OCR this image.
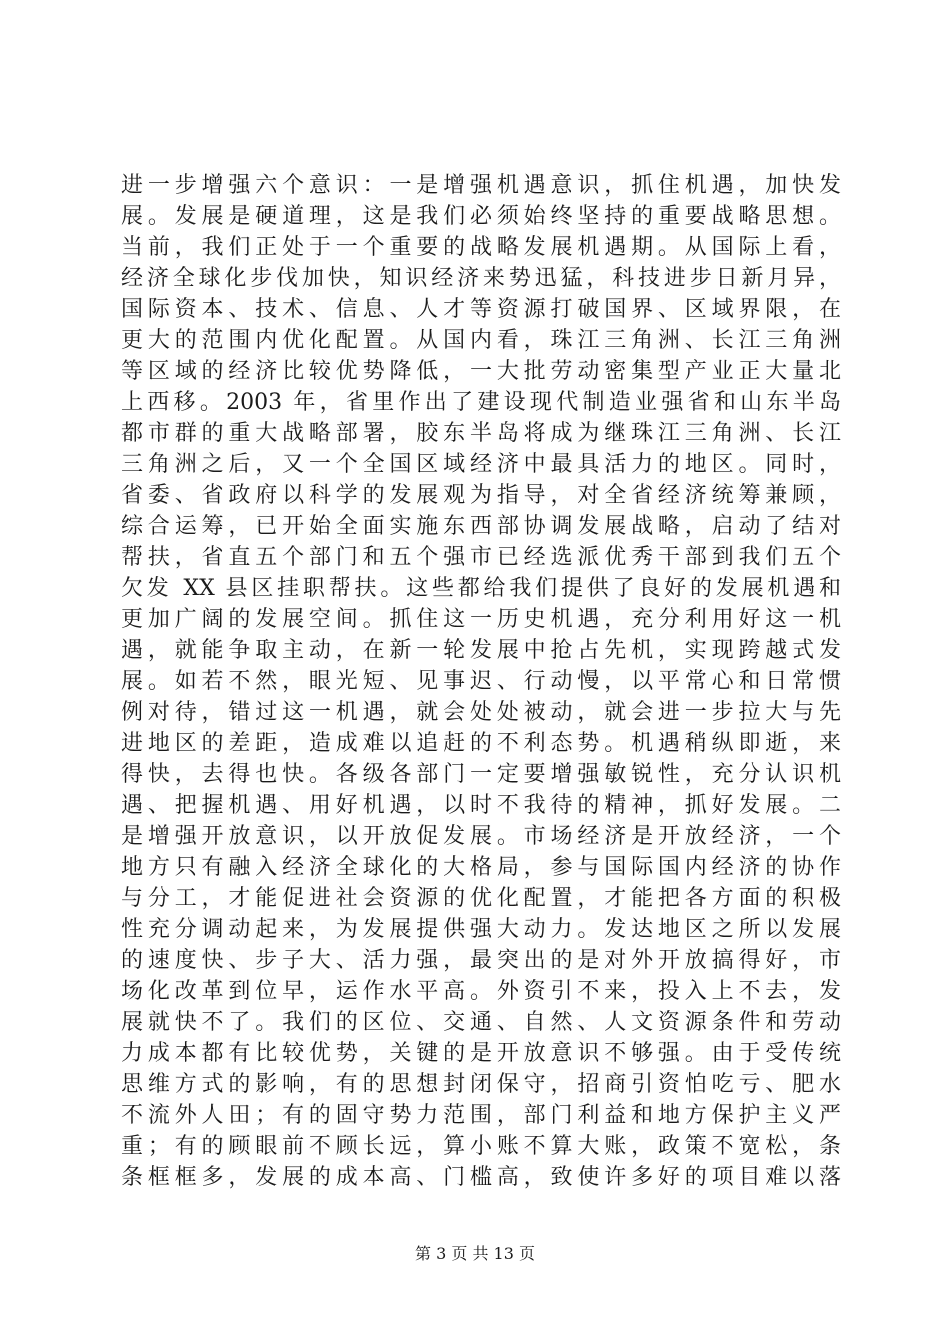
进一步增强六个意识：一是增强机遇意识，抓住机遇，加快发
展。发展是硬道理，这是我们必须始终坚持的重要战略思想。
当前，我们正处于一个重要的战略发展机遇期。从国际上看，
经济全球化步伐加快，知识经济来势迅猛，科技进步日新月异，
国际资本、技术、信息、人才等资源打破国界、区域界限，在
更大的范围内优化配置。从国内看，珠江三角洲、长江三角洲
等区域的经济比较优势降低，一大批劳动密集型产业正大量北
上西移。2003 年，省里作出了建设现代制造业强省和山东半岛
都市群的重大战略部署，胶东半岛将成为继珠江三角洲、长江
三角洲之后，又一个全国区域经济中最具活力的地区。同时，
省委、省政府以科学的发展观为指导，对全省经济统筹兼顾，
综合运筹，已开始全面实施东西部协调发展战略，启动了结对
帮扶，省直五个部门和五个强市已经选派优秀干部到我们五个
欠发 XX 县区挂职帮扶。这些都给我们提供了良好的发展机遇和
更加广阔的发展空间。抓住这一历史机遇，充分利用好这一机
遇，就能争取主动，在新一轮发展中抢占先机，实现跨越式发
展。如若不然，眼光短、见事迟、行动慢，以平常心和日常惯
例对待，错过这一机遇，就会处处被动，就会进一步拉大与先
进地区的差距，造成难以追赶的不利态势。机遇稍纵即逝，来
得快，去得也快。各级各部门一定要增强敏锐性，充分认识机
遇、把握机遇、用好机遇，以时不我待的精神，抓好发展。二
是增强开放意识，以开放促发展。市场经济是开放经济，一个
地方只有融入经济全球化的大格局，参与国际国内经济的协作
与分工，才能促进社会资源的优化配置，才能把各方面的积极
性充分调动起来，为发展提供强大动力。发达地区之所以发展
的速度快、步子大、活力强，最突出的是对外开放搞得好，市
场化改革到位早，运作水平高。外资引不来，投入上不去，发
展就快不了。我们的区位、交通、自然、人文资源条件和劳动
力成本都有比较优势，关键的是开放意识不够强。由于受传统
思维方式的影响，有的思想封闭保守，招商引资怕吃亏、肥水
不流外人田；有的固守势力范围，部门利益和地方保护主义严
重；有的顾眼前不顾长远，算小账不算大账，政策不宽松，条
条框框多，发展的成本高、门槛高，致使许多好的项目难以落
第 3 页 共 13 页
